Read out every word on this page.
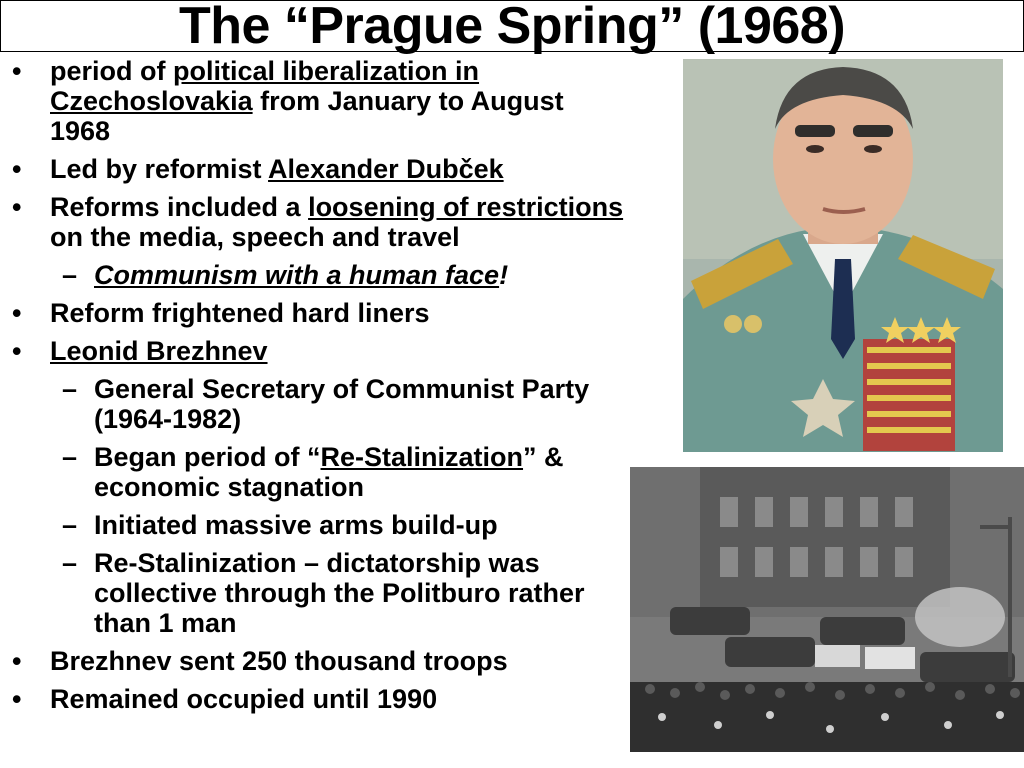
The “Prague Spring” (1968)
• period of political liberalization in Czechoslovakia from January to August 1968
• Led by reformist Alexander Dubček
• Reforms included a loosening of restrictions on the media, speech and travel
– Communism with a human face!
• Reform frightened hard liners
• Leonid Brezhnev
– General Secretary of Communist Party (1964-1982)
– Began period of “Re-Stalinization” & economic stagnation
– Initiated massive arms build-up
– Re-Stalinization – dictatorship was collective through the Politburo rather than 1 man
• Brezhnev sent 250 thousand troops
• Remained occupied until 1990
